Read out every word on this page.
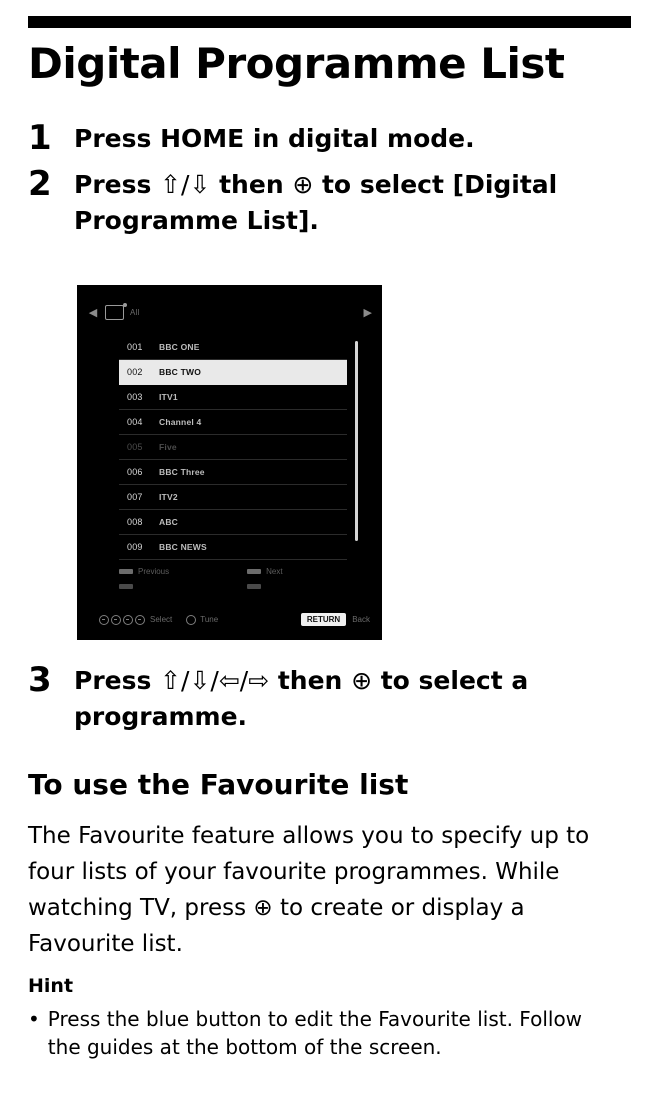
Digital Programme List
1 Press HOME in digital mode.
2 Press ⇧/⇩ then ⊕ to select [Digital
Programme List].
◀	All	▶
001	BBC ONE
002	BBC TWO
003	ITV1
004	Channel 4
005	Five
006	BBC Three
007	ITV2
008	ABC
009	BBC NEWS
Previous	Next
Select	Tune	RETURN	Back
3 Press ⇧/⇩/⇦/⇨ then ⊕ to select a
programme.
To use the Favourite list
The Favourite feature allows you to specify up to
four lists of your favourite programmes. While
watching TV, press ⊕ to create or display a
Favourite list.
Hint
• Press the blue button to edit the Favourite list. Follow
the guides at the bottom of the screen.
